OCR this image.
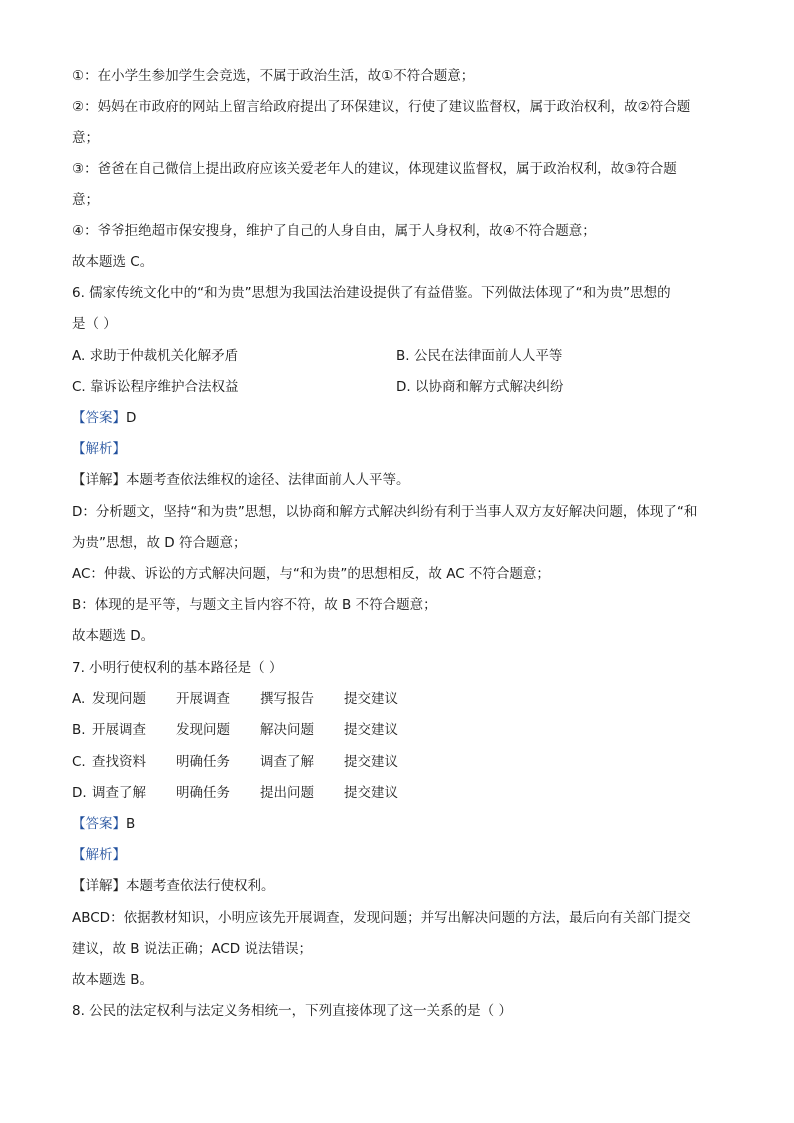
①：在小学生参加学生会竞选，不属于政治生活，故①不符合题意；
②：妈妈在市政府的网站上留言给政府提出了环保建议，行使了建议监督权，属于政治权利，故②符合题
意；
③：爸爸在自己微信上提出政府应该关爱老年人的建议，体现建议监督权，属于政治权利，故③符合题
意；
④：爷爷拒绝超市保安搜身，维护了自己的人身自由，属于人身权利，故④不符合题意；
故本题选 C。
6. 儒家传统文化中的“和为贵”思想为我国法治建设提供了有益借鉴。下列做法体现了“和为贵”思想的
是（ ）
A. 求助于仲裁机关化解矛盾	B. 公民在法律面前人人平等
C. 靠诉讼程序维护合法权益	D. 以协商和解方式解决纠纷
【答案】D
【解析】
【详解】本题考查依法维权的途径、法律面前人人平等。
D：分析题文，坚持“和为贵”思想，以协商和解方式解决纠纷有利于当事人双方友好解决问题，体现了“和
为贵”思想，故 D 符合题意；
AC：仲裁、诉讼的方式解决问题，与“和为贵”的思想相反，故 AC 不符合题意；
B：体现的是平等，与题文主旨内容不符，故 B 不符合题意；
故本题选 D。
7. 小明行使权利的基本路径是（ ）
A. 发现问题 开展调查 撰写报告 提交建议
B. 开展调查 发现问题 解决问题 提交建议
C. 查找资料 明确任务 调查了解 提交建议
D. 调查了解 明确任务 提出问题 提交建议
【答案】B
【解析】
【详解】本题考查依法行使权利。
ABCD：依据教材知识，小明应该先开展调查，发现问题；并写出解决问题的方法，最后向有关部门提交
建议，故 B 说法正确；ACD 说法错误；
故本题选 B。
8. 公民的法定权利与法定义务相统一，下列直接体现了这一关系的是（ ）
